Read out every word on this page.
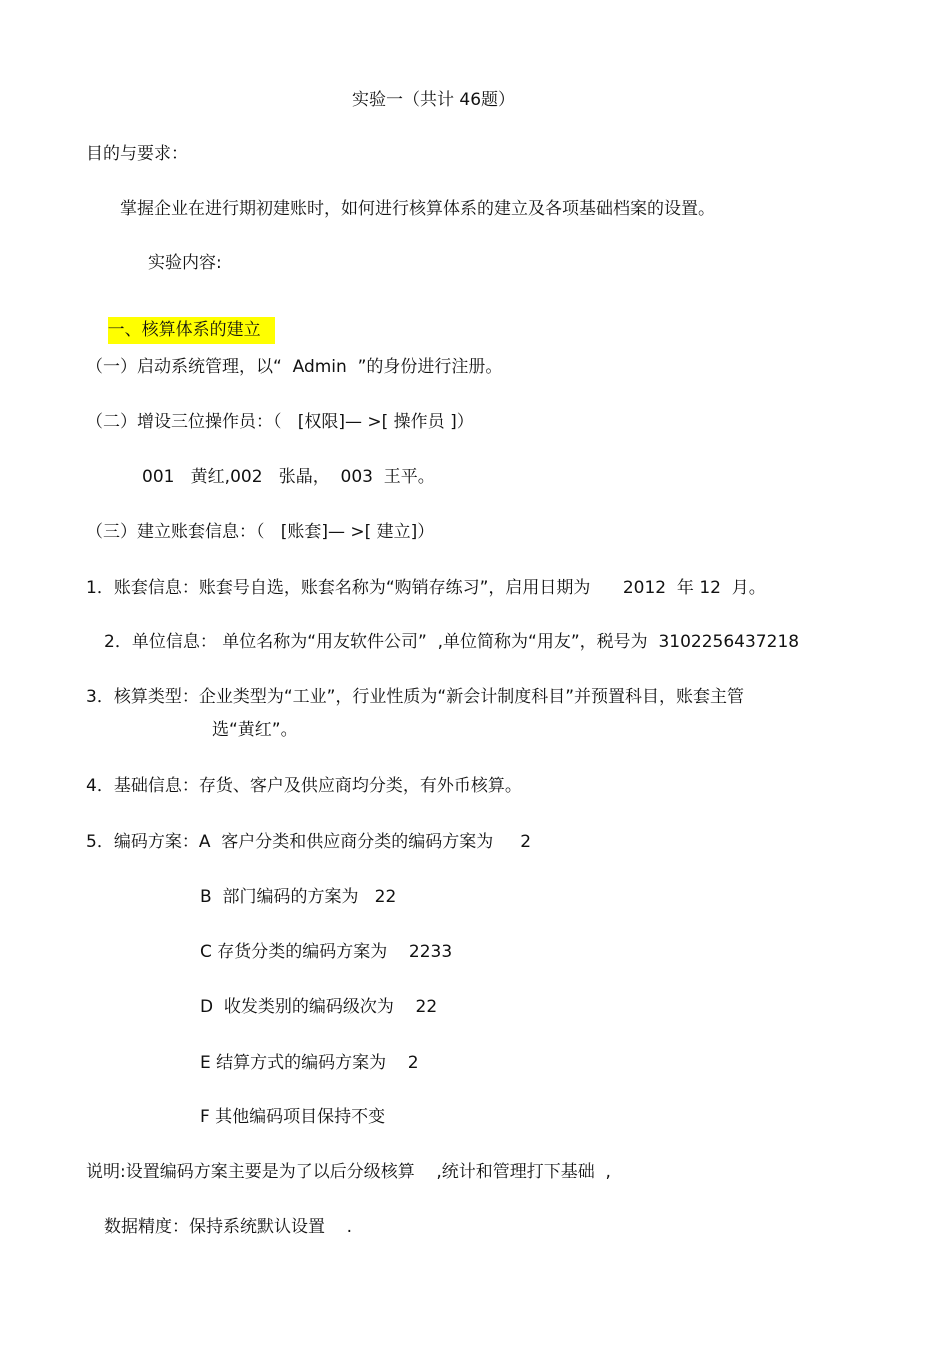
实验一（共计 46题）
目的与要求：
掌握企业在进行期初建账时，如何进行核算体系的建立及各项基础档案的设置。
实验内容:

一、核算体系的建立

（一）启动系统管理，以“  Admin  ”的身份进行注册。
（二）增设三位操作员：（   [权限]— >[ 操作员 ]）
001   黄红,002   张晶，  003  王平。
（三）建立账套信息：（   [账套]— >[ 建立]）
1．账套信息：账套号自选，账套名称为“购销存练习”，启用日期为      2012  年 12  月。
2．单位信息： 单位名称为“用友软件公司”  ,单位简称为“用友”，税号为  3102256437218
3．核算类型：企业类型为“工业”，行业性质为“新会计制度科目”并预置科目，账套主管
选“黄红”。
4．基础信息：存货、客户及供应商均分类，有外币核算。
5．编码方案：A  客户分类和供应商分类的编码方案为     2
B  部门编码的方案为   22
C 存货分类的编码方案为    2233
D  收发类别的编码级次为    22
E 结算方式的编码方案为    2
F 其他编码项目保持不变
说明:设置编码方案主要是为了以后分级核算    ,统计和管理打下基础  ,
数据精度：保持系统默认设置    .
